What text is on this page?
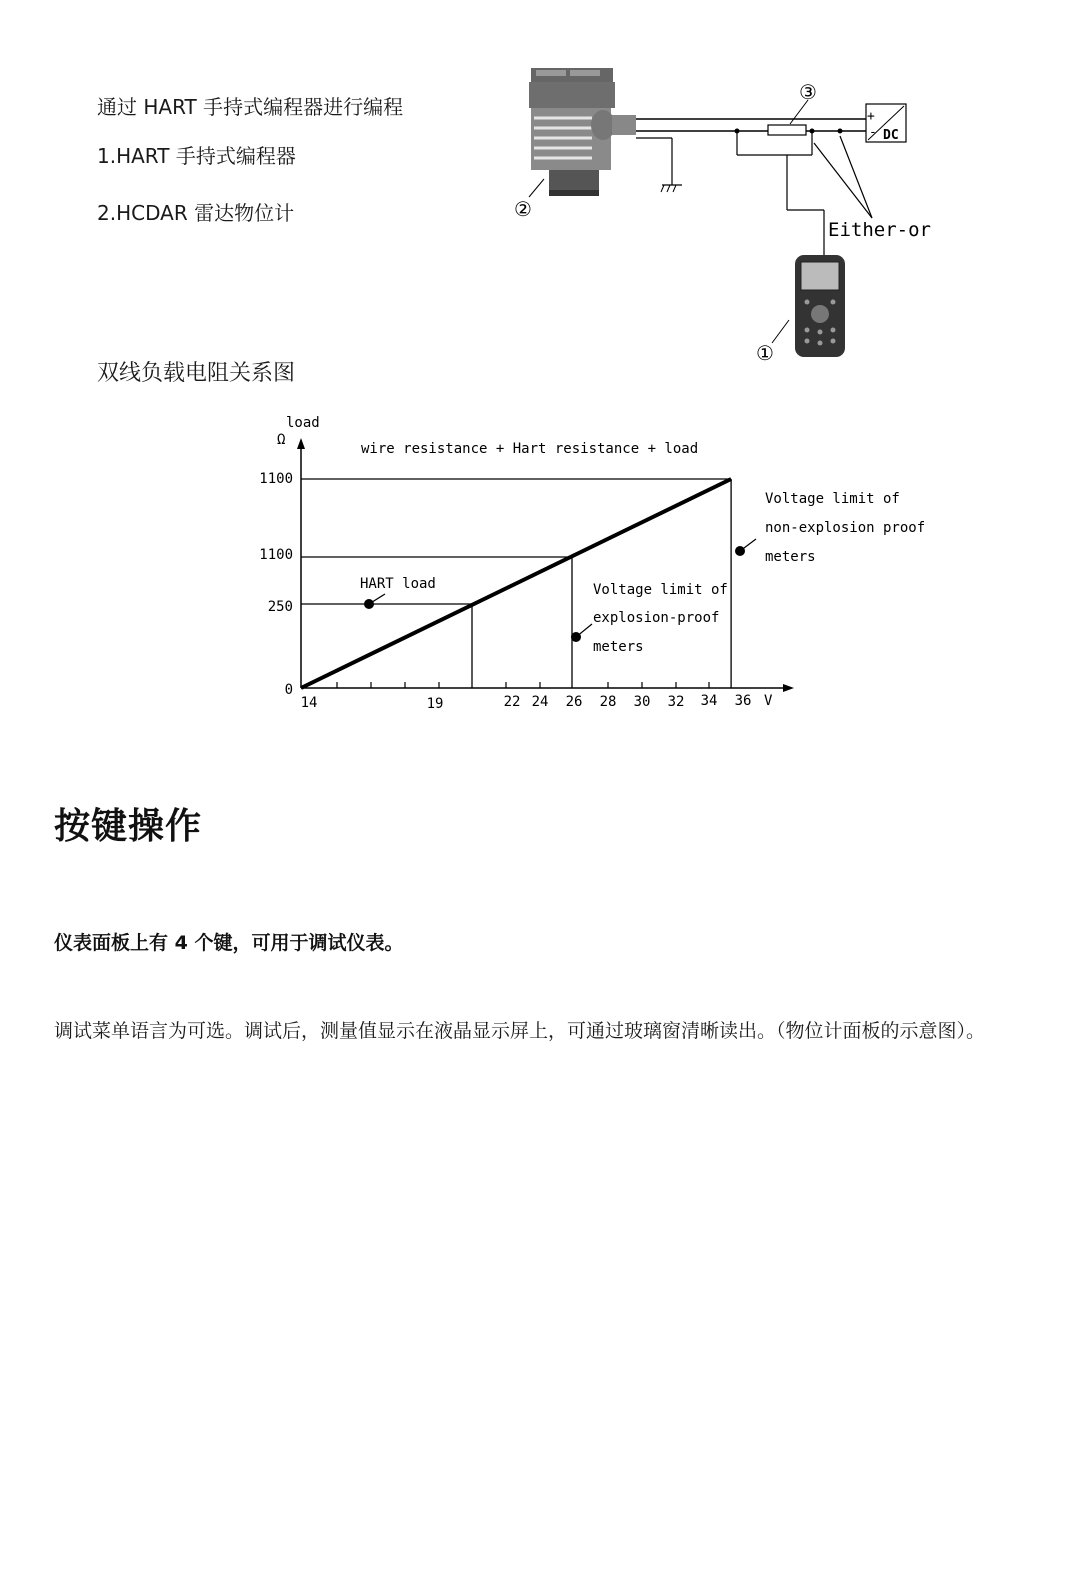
通过 HART 手持式编程器进行编程
1.HART 手持式编程器
2.HCDAR 雷达物位计
+
- DC
②
③
①
Either-or
双线负载电阻关系图
load
Ω
V
wire resistance + Hart resistance + load
0
250
1100
1100
14	19	22 24 26 28 30 32 34 36
HART load	Voltage limit of
explosion-proof
meters
Voltage limit of
non-explosion proof
meters
按键操作
仪表面板上有 4 个键，可用于调试仪表。
调试菜单语言为可选。调试后，测量值显示在液晶显示屏上，可通过玻璃窗清晰读出。（物位计面板的示意图）。
